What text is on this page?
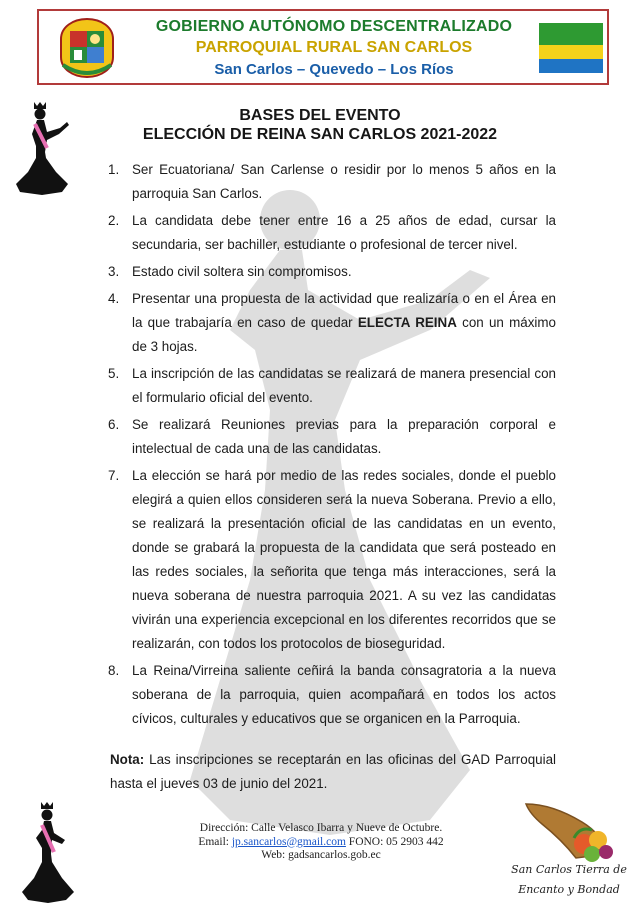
GOBIERNO AUTÓNOMO DESCENTRALIZADO
PARROQUIAL RURAL SAN CARLOS
San Carlos – Quevedo – Los Ríos
BASES DEL EVENTO
ELECCIÓN DE REINA SAN CARLOS 2021-2022
1. Ser Ecuatoriana/ San Carlense o residir por lo menos 5 años en la parroquia San Carlos.
2. La candidata debe tener entre 16 a 25 años de edad, cursar la secundaria, ser bachiller, estudiante o profesional de tercer nivel.
3. Estado civil soltera sin compromisos.
4. Presentar una propuesta de la actividad que realizaría o en el Área en la que trabajaría en caso de quedar ELECTA REINA con un máximo de 3 hojas.
5. La inscripción de las candidatas se realizará de manera presencial con el formulario oficial del evento.
6. Se realizará Reuniones previas para la preparación corporal e intelectual de cada una de las candidatas.
7. La elección se hará por medio de las redes sociales, donde el pueblo elegirá a quien ellos consideren será la nueva Soberana. Previo a ello, se realizará la presentación oficial de las candidatas en un evento, donde se grabará la propuesta de la candidata que será posteado en las redes sociales, la señorita que tenga más interacciones, será la nueva soberana de nuestra parroquia 2021. A su vez las candidatas vivirán una experiencia excepcional en los diferentes recorridos que se realizarán, con todos los protocolos de bioseguridad.
8. La Reina/Virreina saliente ceñirá la banda consagratoria a la nueva soberana de la parroquia, quien acompañará en todos los actos cívicos, culturales y educativos que se organicen en la Parroquia.
Nota: Las inscripciones se receptarán en las oficinas del GAD Parroquial hasta el jueves 03 de junio del 2021.
Dirección: Calle Velasco Ibarra y Nueve de Octubre.
Email: jp.sancarlos@gmail.com FONO: 05 2903 442
Web: gadsancarlos.gob.ec
San Carlos Tierra de
Encanto y Bondad
